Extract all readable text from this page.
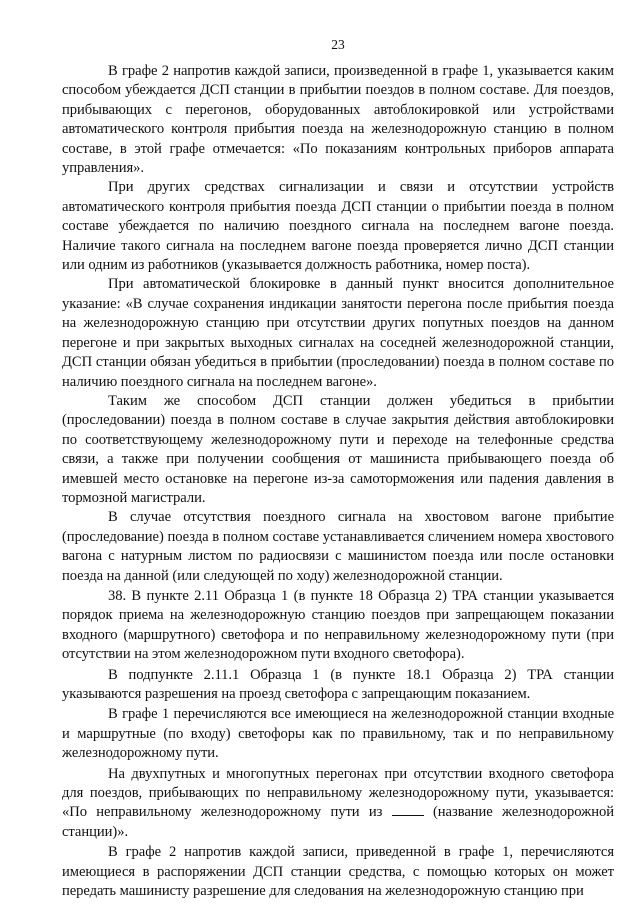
23

В графе 2 напротив каждой записи, произведенной в графе 1, указывается каким способом убеждается ДСП станции в прибытии поездов в полном составе. Для поездов, прибывающих с перегонов, оборудованных автоблокировкой или устройствами автоматического контроля прибытия поезда на железнодорожную станцию в полном составе, в этой графе отмечается: «По показаниям контрольных приборов аппарата управления».

При других средствах сигнализации и связи и отсутствии устройств автоматического контроля прибытия поезда ДСП станции о прибытии поезда в полном составе убеждается по наличию поездного сигнала на последнем вагоне поезда. Наличие такого сигнала на последнем вагоне поезда проверяется лично ДСП станции или одним из работников (указывается должность работника, номер поста).

При автоматической блокировке в данный пункт вносится дополнительное указание: «В случае сохранения индикации занятости перегона после прибытия поезда на железнодорожную станцию при отсутствии других попутных поездов на данном перегоне и при закрытых выходных сигналах на соседней железнодорожной станции, ДСП станции обязан убедиться в прибытии (проследовании) поезда в полном составе по наличию поездного сигнала на последнем вагоне».

Таким же способом ДСП станции должен убедиться в прибытии (проследовании) поезда в полном составе в случае закрытия действия автоблокировки по соответствующему железнодорожному пути и переходе на телефонные средства связи, а также при получении сообщения от машиниста прибывающего поезда об имевшей место остановке на перегоне из-за самоторможения или падения давления в тормозной магистрали.

В случае отсутствия поездного сигнала на хвостовом вагоне прибытие (проследование) поезда в полном составе устанавливается сличением номера хвостового вагона с натурным листом по радиосвязи с машинистом поезда или после остановки поезда на данной (или следующей по ходу) железнодорожной станции.

38. В пункте 2.11 Образца 1 (в пункте 18 Образца 2) ТРА станции указывается порядок приема на железнодорожную станцию поездов при запрещающем показании входного (маршрутного) светофора и по неправильному железнодорожному пути (при отсутствии на этом железнодорожном пути входного светофора).

В подпункте 2.11.1 Образца 1 (в пункте 18.1 Образца 2) ТРА станции указываются разрешения на проезд светофора с запрещающим показанием.

В графе 1 перечисляются все имеющиеся на железнодорожной станции входные и маршрутные (по входу) светофоры как по правильному, так и по неправильному железнодорожному пути.

На двухпутных и многопутных перегонах при отсутствии входного светофора для поездов, прибывающих по неправильному железнодорожному пути, указывается: «По неправильному железнодорожному пути из	(название железнодорожной станции)».

В графе 2 напротив каждой записи, приведенной в графе 1, перечисляются имеющиеся в распоряжении ДСП станции средства, с помощью которых он может передать машинисту разрешение для следования на железнодорожную станцию при
